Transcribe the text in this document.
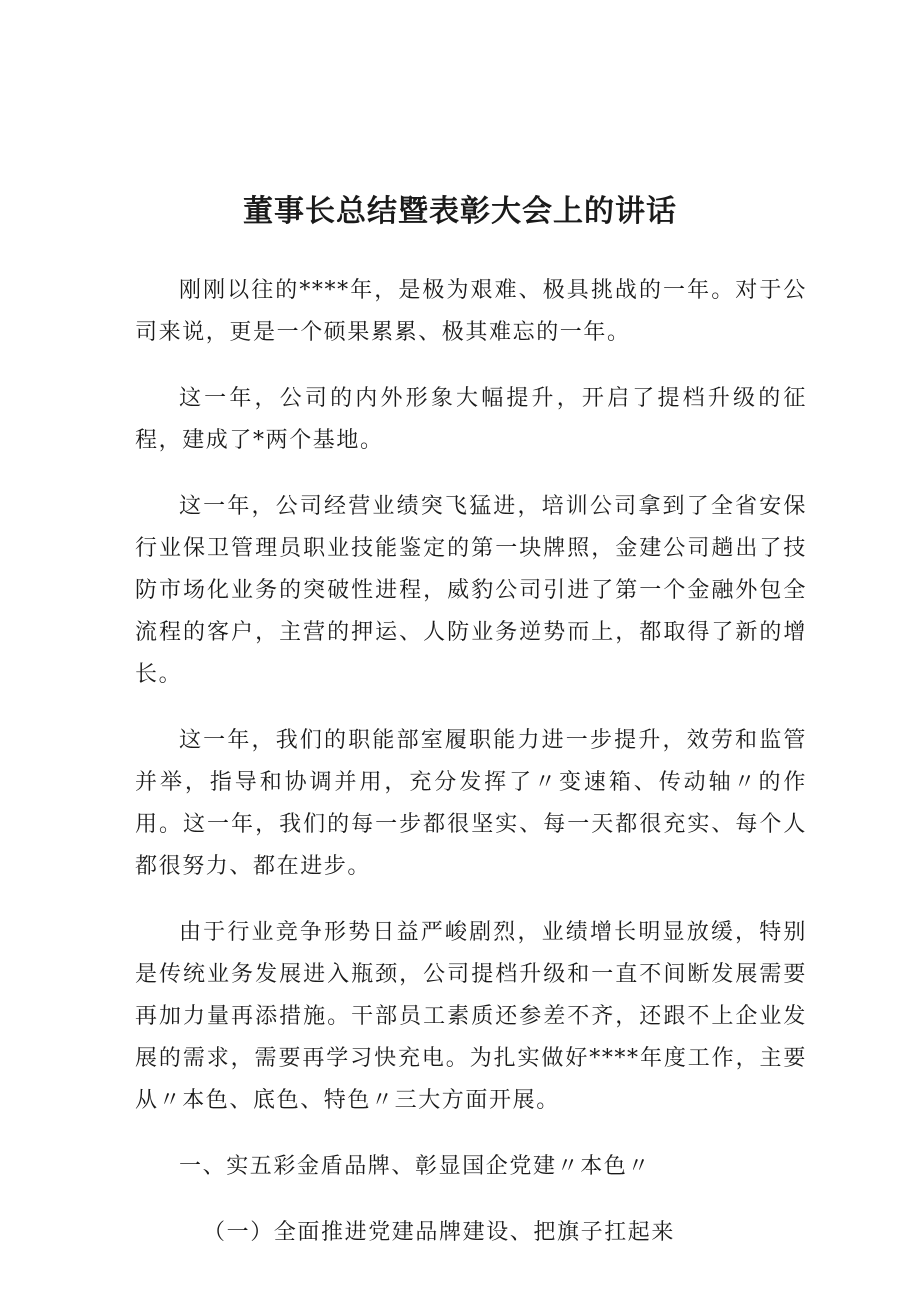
董事长总结暨表彰大会上的讲话

刚刚以往的****年，是极为艰难、极具挑战的一年。对于公司来说，更是一个硕果累累、极其难忘的一年。

这一年，公司的内外形象大幅提升，开启了提档升级的征程，建成了*两个基地。

这一年，公司经营业绩突飞猛进，培训公司拿到了全省安保行业保卫管理员职业技能鉴定的第一块牌照，金建公司趟出了技防市场化业务的突破性进程，威豹公司引进了第一个金融外包全流程的客户，主营的押运、人防业务逆势而上，都取得了新的增长。

这一年，我们的职能部室履职能力进一步提升，效劳和监管并举，指导和协调并用，充分发挥了〃变速箱、传动轴〃的作用。这一年，我们的每一步都很坚实、每一天都很充实、每个人都很努力、都在进步。

由于行业竞争形势日益严峻剧烈，业绩增长明显放缓，特别是传统业务发展进入瓶颈，公司提档升级和一直不间断发展需要再加力量再添措施。干部员工素质还参差不齐，还跟不上企业发展的需求，需要再学习快充电。为扎实做好****年度工作，主要从〃本色、底色、特色〃三大方面开展。

一、实五彩金盾品牌、彰显国企党建〃本色〃

（一）全面推进党建品牌建设、把旗子扛起来
